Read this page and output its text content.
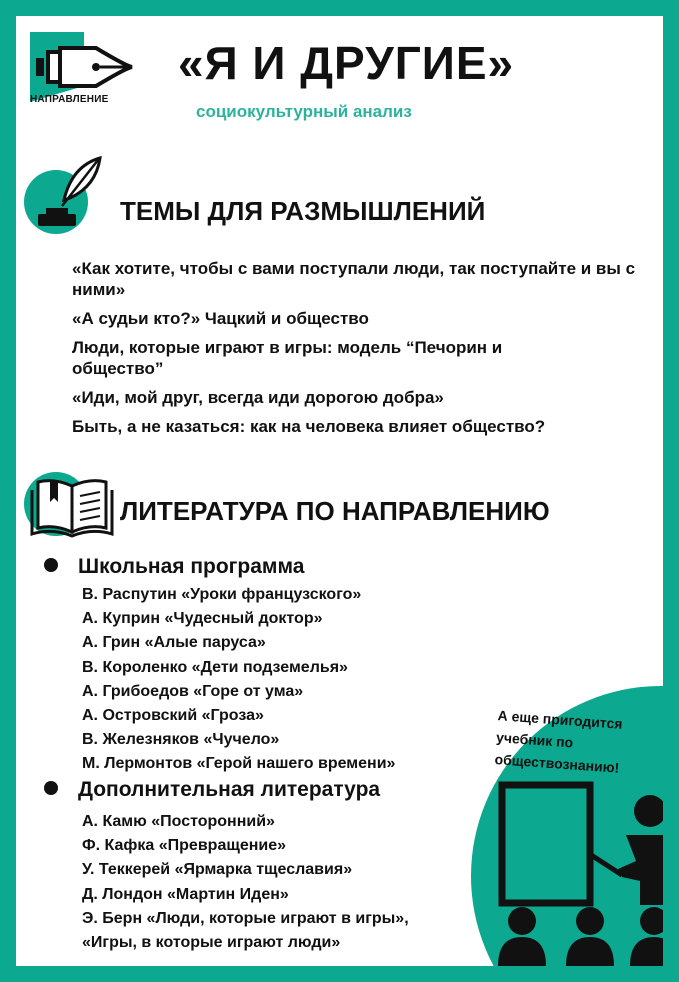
НАПРАВЛЕНИЕ
«Я И ДРУГИЕ»
социокультурный анализ
ТЕМЫ ДЛЯ РАЗМЫШЛЕНИЙ
«Как хотите, чтобы с вами поступали люди, так поступайте и вы с ними»
«А судьи кто?» Чацкий и общество
Люди, которые играют в игры: модель “Печорин и общество”
«Иди, мой друг, всегда иди дорогою добра»
Быть, а не казаться: как на человека влияет общество?
ЛИТЕРАТУРА ПО НАПРАВЛЕНИЮ
Школьная программа
В. Распутин «Уроки французского»
А. Куприн «Чудесный доктор»
А. Грин «Алые паруса»
В. Короленко «Дети подземелья»
А. Грибоедов «Горе от ума»
А. Островский «Гроза»
В. Железняков «Чучело»
М. Лермонтов «Герой нашего времени»
Дополнительная литература
А. Камю «Посторонний»
Ф. Кафка «Превращение»
У. Теккерей «Ярмарка тщеславия»
Д. Лондон «Мартин Иден»
Э. Берн «Люди, которые играют в игры»,
«Игры, в которые играют люди»
А еще пригодится учебник по обществознанию!
